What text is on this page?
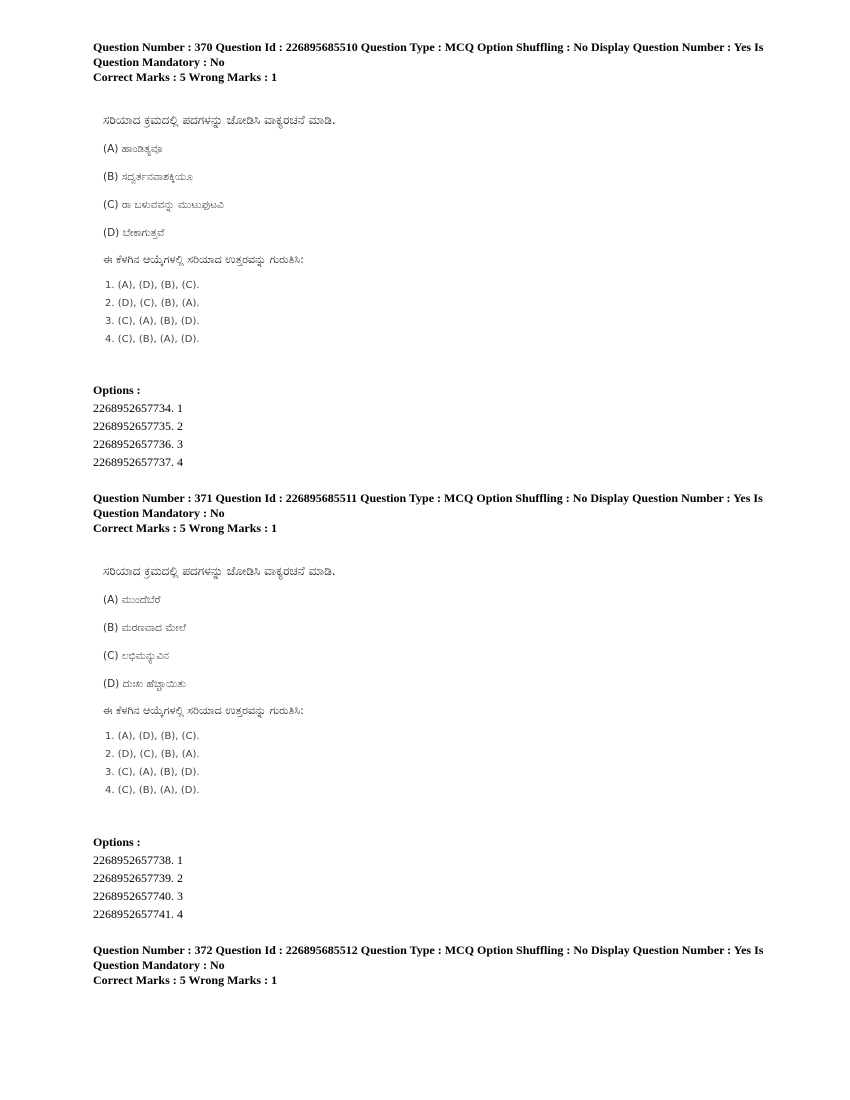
Question Number : 370 Question Id : 226895685510 Question Type : MCQ Option Shuffling : No Display Question Number : Yes Is
Question Mandatory : No
Correct Marks : 5 Wrong Marks : 1
ಸರಿಯಾದ ಕ್ರಮದಲ್ಲಿ ಪದಗಳನ್ನು ಜೋಡಿಸಿ ವಾಕ್ಯರಚನೆ ಮಾಡಿ.
(A) ಹಾಂಡಿತ್ಯವೂ
(B) ಸದ್ವರ್ತನವಾಶಕ್ಕಿಯೂ
(C) ರಾ ಬಳುವವನ್ನು ಮುಟುಫುಟವಿ
(D) ಬೇಕಾಗುತ್ತವೆ
ಈ ಕೆಳಗಿನ ಆಯ್ಕೆಗಳಲ್ಲಿ ಸರಿಯಾದ ಉತ್ತರವನ್ನು ಗುರುತಿಸಿ:
1. (A), (D), (B), (C).
2. (D), (C), (B), (A).
3. (C), (A), (B), (D).
4. (C), (B), (A), (D).
Options :
2268952657734. 1
2268952657735. 2
2268952657736. 3
2268952657737. 4
Question Number : 371 Question Id : 226895685511 Question Type : MCQ Option Shuffling : No Display Question Number : Yes Is
Question Mandatory : No
Correct Marks : 5 Wrong Marks : 1
ಸರಿಯಾದ ಕ್ರಮದಲ್ಲಿ ಪದಗಳನ್ನು ಜೋಡಿಸಿ ವಾಕ್ಯರಚನೆ ಮಾಡಿ.
(A) ಮುಂದೆಬೆರೆ
(B) ಮರಣವಾದ ಮೇಲೆ
(C) ಲಭಿಮನ್ಯುವಿನ
(D) ದುಃಖ ಹೆಚ್ಚಾಯಿತು
ಈ ಕೆಳಗಿನ ಆಯ್ಕೆಗಳಲ್ಲಿ ಸರಿಯಾದ ಉತ್ತರವನ್ನು ಗುರುತಿಸಿ:
1. (A), (D), (B), (C).
2. (D), (C), (B), (A).
3. (C), (A), (B), (D).
4. (C), (B), (A), (D).
Options :
2268952657738. 1
2268952657739. 2
2268952657740. 3
2268952657741. 4
Question Number : 372 Question Id : 226895685512 Question Type : MCQ Option Shuffling : No Display Question Number : Yes Is
Question Mandatory : No
Correct Marks : 5 Wrong Marks : 1
